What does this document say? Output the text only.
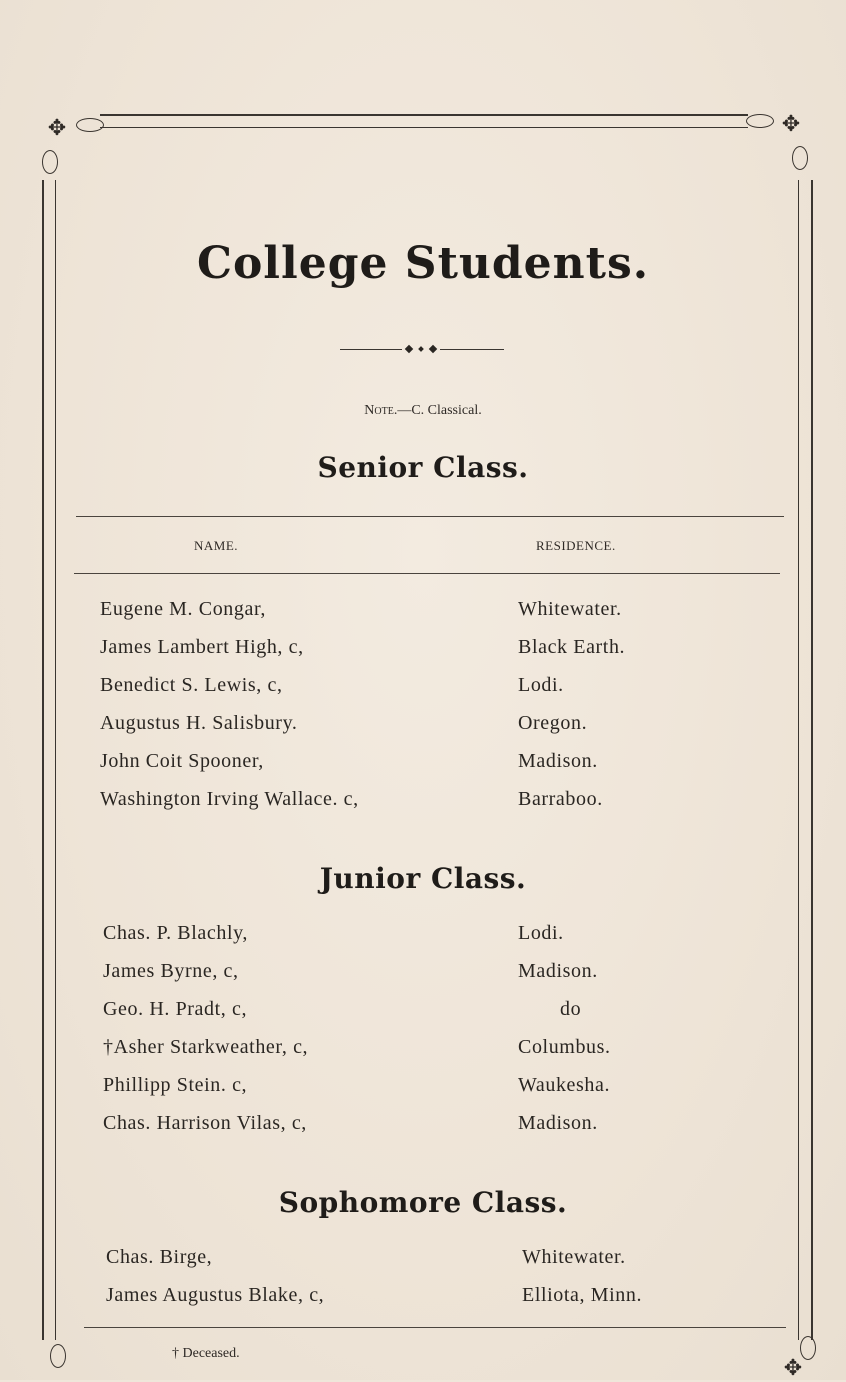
✥	✥
✥
College Students.
Note.—C. Classical.
Senior Class.
NAME.	RESIDENCE.
Eugene M. Congar,	Whitewater.
James Lambert High, c,	Black Earth.
Benedict S. Lewis, c,	Lodi.
Augustus H. Salisbury.	Oregon.
John Coit Spooner,	Madison.
Washington Irving Wallace. c,	Barraboo.
Junior Class.
Chas. P. Blachly,	Lodi.
James Byrne, c,	Madison.
Geo. H. Pradt, c,	do
†Asher Starkweather, c,	Columbus.
Phillipp Stein. c,	Waukesha.
Chas. Harrison Vilas, c,	Madison.
Sophomore Class.
Chas. Birge,	Whitewater.
James Augustus Blake, c,	Elliota, Minn.
† Deceased.
